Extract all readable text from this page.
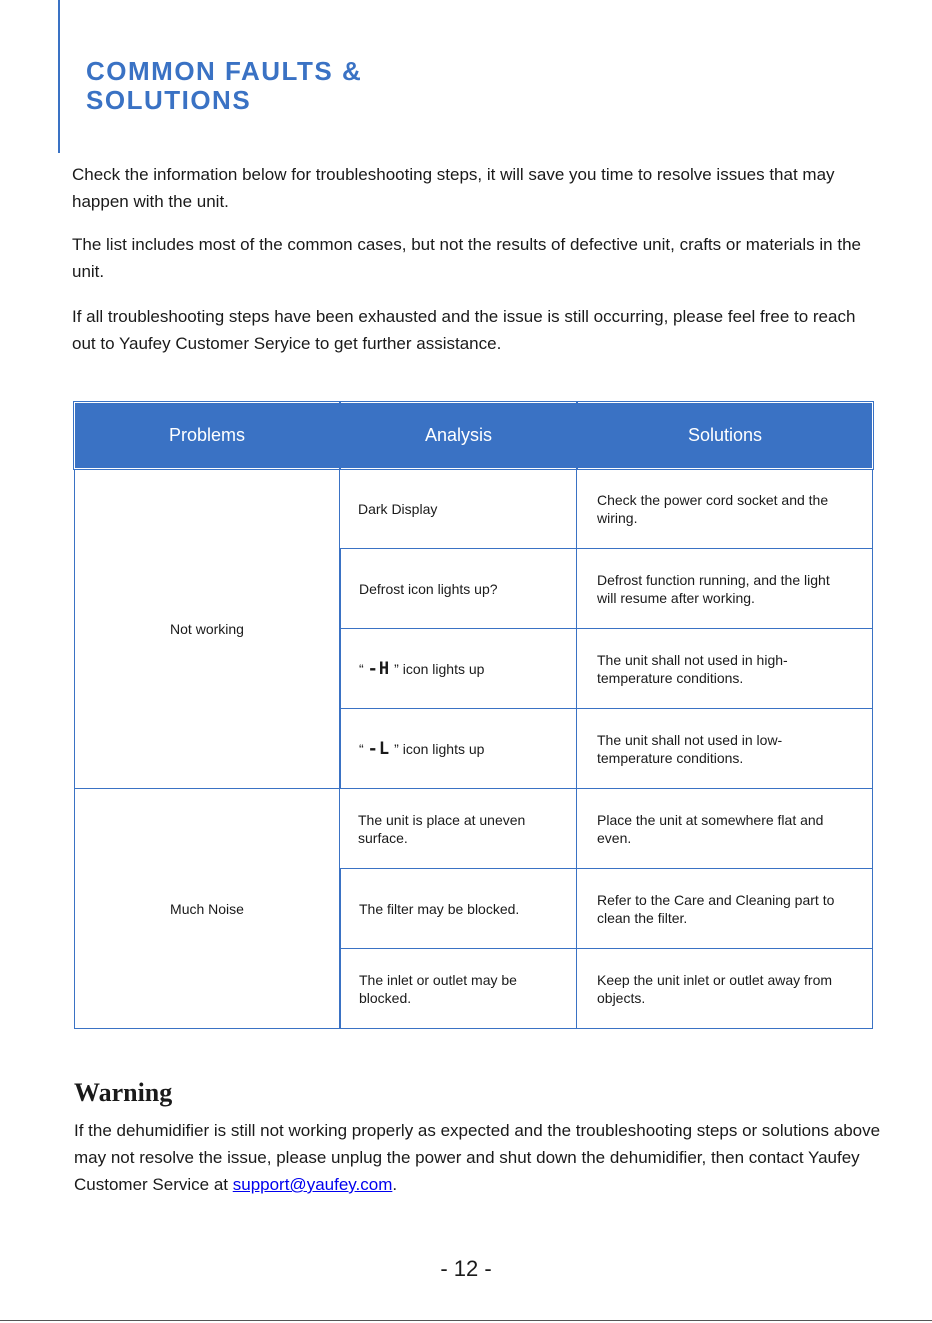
COMMON FAULTS &
SOLUTIONS

Check the information below for troubleshooting steps, it will save you time to resolve issues that may happen with the unit.

The list includes most of the common cases, but not the results of defective unit, crafts or materials in the unit.

If all troubleshooting steps have been exhausted and the issue is still occurring, please feel free to reach out to Yaufey Customer Seryice to get further assistance.

Problems	Analysis	Solutions
Not working	Dark Display	Check the power cord socket and the wiring.
	Defrost icon lights up?	Defrost function running, and the light will resume after working.
	“ -H ” icon lights up	The unit shall not used in high-temperature conditions.
	“ -L ” icon lights up	The unit shall not used in low-temperature conditions.
Much Noise	The unit is place at uneven surface.	Place the unit at somewhere flat and even.
	The filter may be blocked.	Refer to the Care and Cleaning part to clean the filter.
	The inlet or outlet may be blocked.	Keep the unit inlet or outlet away from objects.
Warning

If the dehumidifier is still not working properly as expected and the troubleshooting steps or solutions above may not resolve the issue, please unplug the power and shut down the dehumidifier, then contact Yaufey Customer Service at support@yaufey.com.

- 12 -
